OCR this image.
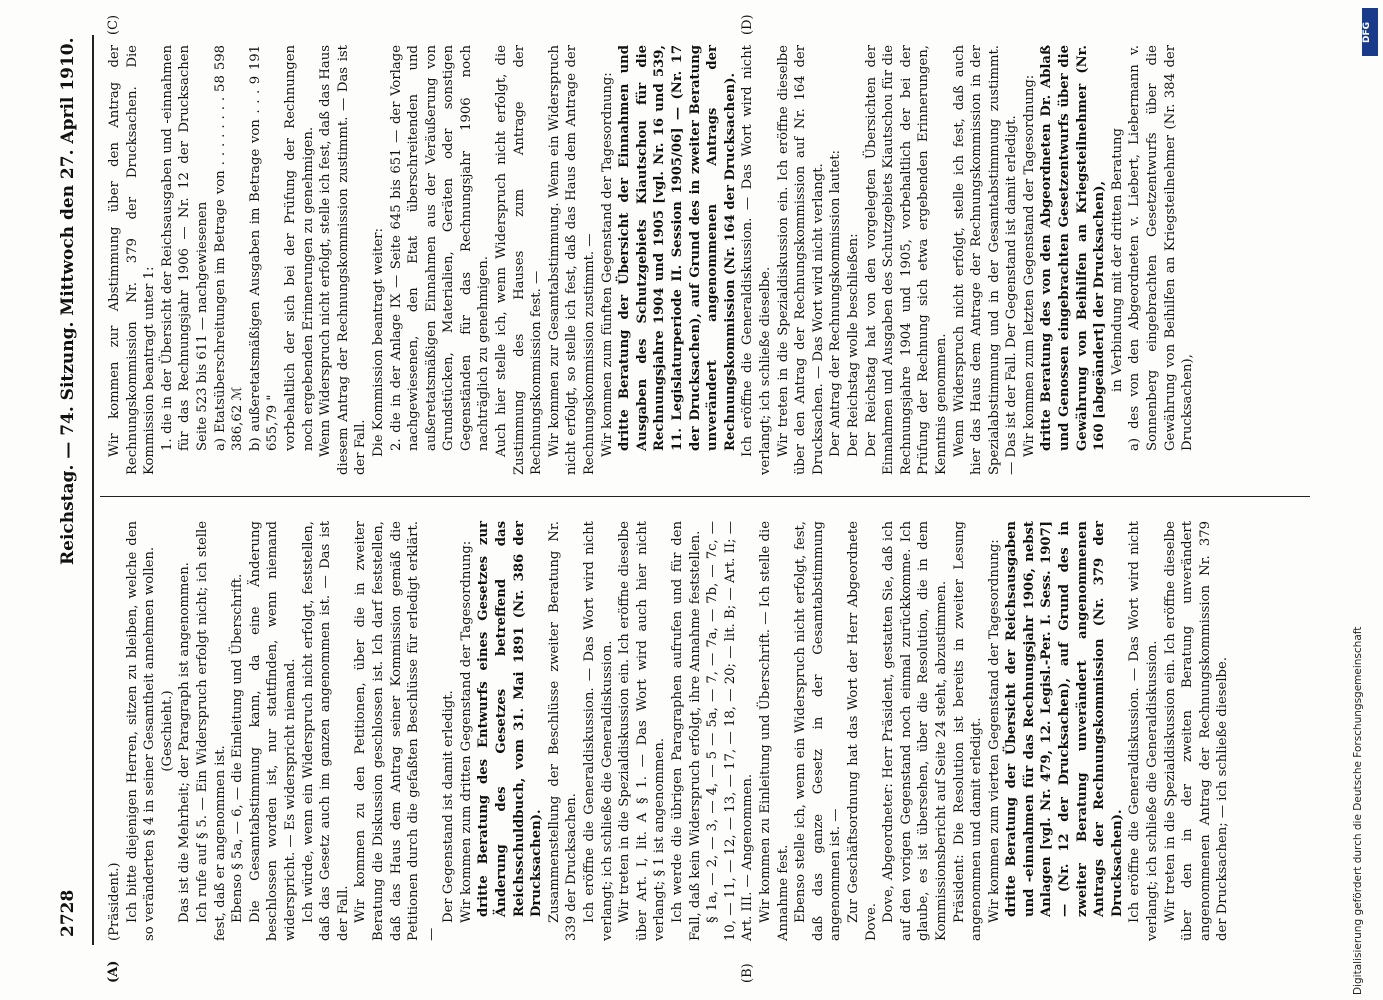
2728
Reichstag. — 74. Sitzung. Mittwoch den 27. April 1910.
(A)	(B)
(C)	(D)

(Präsident.) Ich bitte diejenigen Herren, sitzen zu bleiben, welche den so veränderten § 4 in seiner Gesamtheit annehmen wollen. (Geschieht.) Das ist die Mehrheit; der Paragraph ist angenommen. Ich rufe auf § 5. — Ein Widerspruch erfolgt nicht; ich stelle fest, daß er angenommen ist. Ebenso § 5a, — 6, — die Einleitung und Überschrift. Die Gesamtabstimmung kann, da eine Änderung beschlossen worden ist, nur stattfinden, wenn niemand widerspricht. — Es widerspricht niemand. Ich würde, wenn ein Widerspruch nicht erfolgt, feststellen, daß das Gesetz auch im ganzen angenommen ist. — Das ist der Fall. Wir kommen zu den Petitionen, über die in zweiter Beratung die Diskussion geschlossen ist. Ich darf feststellen, daß das Haus dem Antrag seiner Kommission gemäß die Petitionen durch die gefaßten Beschlüsse für erledigt erklärt. —

Der Gegenstand ist damit erledigt. Wir kommen zum dritten Gegenstand der Tagesordnung: dritte Beratung des Entwurfs eines Gesetzes zur Änderung des Gesetzes betreffend das Reichsschuldbuch, vom 31. Mai 1891 (Nr. 386 der Drucksachen). Zusammenstellung der Beschlüsse zweiter Beratung Nr. 339 der Drucksachen. Ich eröffne die Generaldiskussion. — Das Wort wird nicht verlangt; ich schließe die Generaldiskussion. Wir treten in die Spezialdiskussion ein. Ich eröffne dieselbe über Art. I, lit. A § 1. — Das Wort wird auch hier nicht verlangt; § 1 ist angenommen. Ich werde die übrigen Paragraphen aufrufen und für den Fall, daß kein Widerspruch erfolgt, ihre Annahme feststellen. § 1a, — 2, — 3, — 4, — 5 — 5a, — 7, — 7a, — 7b, — 7c, — 10, — 11, — 12, — 13, — 17, — 18, — 20; — lit. B; — Art. II; — Art. III. — Angenommen. Wir kommen zu Einleitung und Überschrift. — Ich stelle die Annahme fest. Ebenso stelle ich, wenn ein Widerspruch nicht erfolgt, fest, daß das ganze Gesetz in der Gesamtabstimmung angenommen ist. — Zur Geschäftsordnung hat das Wort der Herr Abgeordnete Dove. Dove, Abgeordneter: Herr Präsident, gestatten Sie, daß ich auf den vorigen Gegenstand noch einmal zurückkomme. Ich glaube, es ist übersehen, über die Resolution, die in dem Kommissionsbericht auf Seite 24 steht, abzustimmen. Präsident: Die Resolution ist bereits in zweiter Lesung angenommen und damit erledigt. Wir kommen zum vierten Gegenstand der Tagesordnung: dritte Beratung der Übersicht der Reichsausgaben und -einnahmen für das Rechnungsjahr 1906, nebst Anlagen [vgl. Nr. 479, 12. Legisl.-Per. I. Sess. 1907] — (Nr. 12 der Drucksachen), auf Grund des in zweiter Beratung unverändert angenommenen Antrags der Rechnungskommission (Nr. 379 der Drucksachen). Ich eröffne die Generaldiskussion. — Das Wort wird nicht verlangt; ich schließe die Generaldiskussion. Wir treten in die Spezialdiskussion ein. Ich eröffne dieselbe über den in der zweiten Beratung unverändert angenommenen Antrag der Rechnungskommission Nr. 379 der Drucksachen; — ich schließe dieselbe.

Wir kommen zur Abstimmung über den Antrag der Rechnungskommission Nr. 379 der Drucksachen. Die Kommission beantragt unter 1: 1. die in der Übersicht der Reichsausgaben und -einnahmen für das Rechnungsjahr 1906 — Nr. 12 der Drucksachen Seite 523 bis 611 — nachgewiesenen a) Etatsüberschreitungen im Betrage von . . . . . . . . 58 598 386,62 ℳ b) außeretatsmäßigen Ausgaben im Betrage von . . . 9 191 655,79 " vorbehaltlich der sich bei der Prüfung der Rechnungen noch ergebenden Erinnerungen zu genehmigen. Wenn Widerspruch nicht erfolgt, stelle ich fest, daß das Haus diesem Antrag der Rechnungskommission zustimmt. — Das ist der Fall. Die Kommission beantragt weiter: 2. die in der Anlage IX — Seite 645 bis 651 — der Vorlage nachgewiesenen, den Etat überschreitenden und außeretatsmäßigen Einnahmen aus der Veräußerung von Grundstücken, Materialien, Geräten oder sonstigen Gegenständen für das Rechnungsjahr 1906 noch nachträglich zu genehmigen. Auch hier stelle ich, wenn Widerspruch nicht erfolgt, die Zustimmung des Hauses zum Antrage der Rechnungskommission fest. — Wir kommen zur Gesamtabstimmung. Wenn ein Widerspruch nicht erfolgt, so stelle ich fest, daß das Haus dem Antrage der Rechnungskommission zustimmt. — Wir kommen zum fünften Gegenstand der Tagesordnung: dritte Beratung der Übersicht der Einnahmen und Ausgaben des Schutzgebiets Kiautschou für die Rechnungsjahre 1904 und 1905 [vgl. Nr. 16 und 539, 11. Legislaturperiode II. Session 1905/06] — (Nr. 17 der Drucksachen), auf Grund des in zweiter Beratung unverändert angenommenen Antrags der Rechnungskommission (Nr. 164 der Drucksachen). Ich eröffne die Generaldiskussion. — Das Wort wird nicht verlangt; ich schließe dieselbe. Wir treten in die Spezialdiskussion ein. Ich eröffne dieselbe über den Antrag der Rechnungskommission auf Nr. 164 der Drucksachen. — Das Wort wird nicht verlangt. Der Antrag der Rechnungskommission lautet: Der Reichstag wolle beschließen: Der Reichstag hat von den vorgelegten Übersichten der Einnahmen und Ausgaben des Schutzgebiets Kiautschou für die Rechnungsjahre 1904 und 1905, vorbehaltlich der bei der Prüfung der Rechnung sich etwa ergebenden Erinnerungen, Kenntnis genommen. Wenn Widerspruch nicht erfolgt, stelle ich fest, daß auch hier das Haus dem Antrage der Rechnungskommission in der Spezialabstimmung und in der Gesamtabstimmung zustimmt. — Das ist der Fall. Der Gegenstand ist damit erledigt. Wir kommen zum letzten Gegenstand der Tagesordnung: dritte Beratung des von den Abgeordneten Dr. Ablaß und Genossen eingebrachten Gesetzentwurfs über die Gewährung von Beihilfen an Kriegsteilnehmer (Nr. 160 [abgeändert] der Drucksachen), in Verbindung mit der dritten Beratung a) des von den Abgeordneten v. Liebert, Liebermann v. Sonnenberg eingebrachten Gesetzentwurfs über die Gewährung von Beihilfen an Kriegsteilnehmer (Nr. 384 der Drucksachen),

Digitalisierung gefördert durch die Deutsche Forschungsgemeinschaft
DFG
